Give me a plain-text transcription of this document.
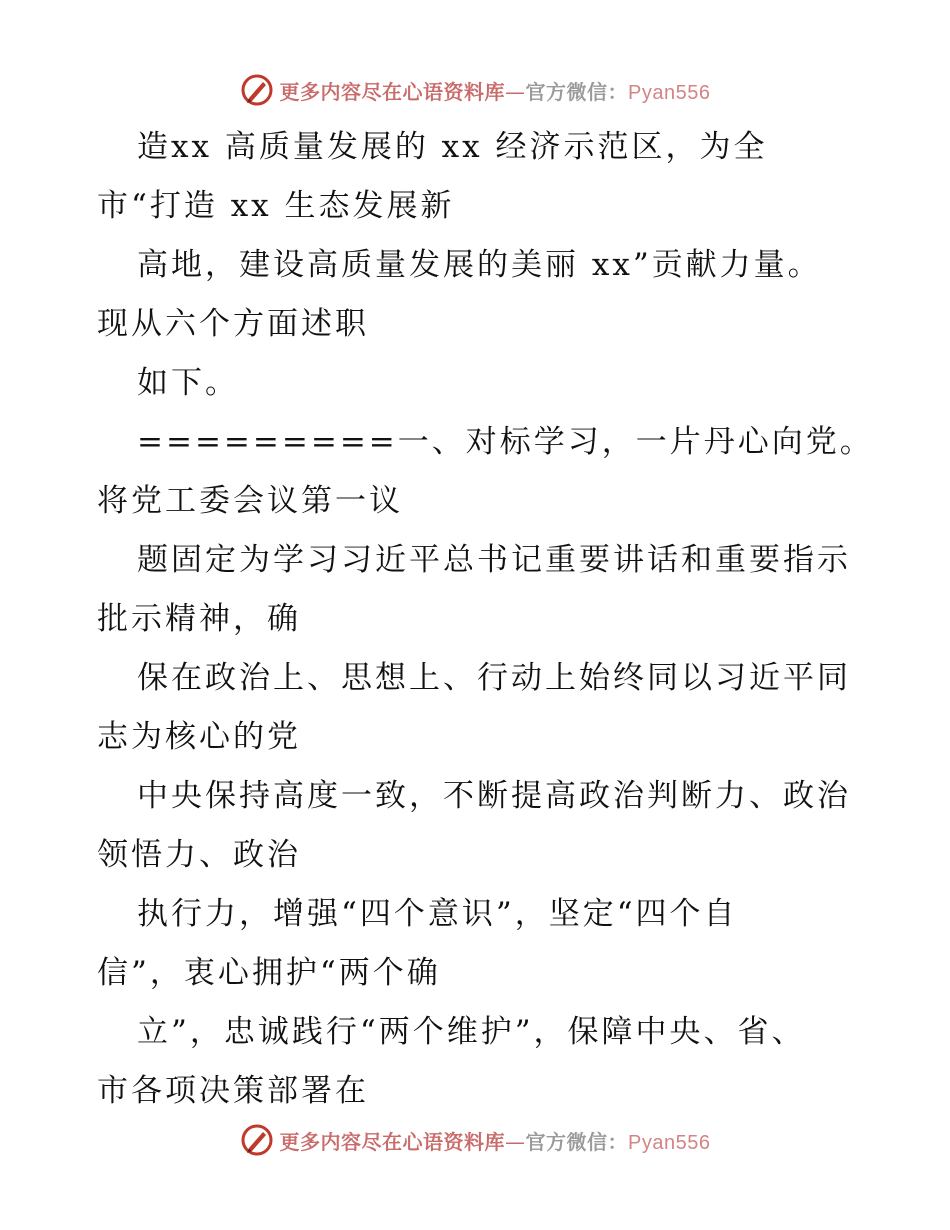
更多内容尽在心语资料库—官方微信：Pyan556
造xx 高质量发展的 xx 经济示范区，为全
市“打造 xx 生态发展新
高地，建设高质量发展的美丽 xx”贡献力量。
现从六个方面述职
如下。
=========一、对标学习，一片丹心向党。
将党工委会议第一议
题固定为学习习近平总书记重要讲话和重要指示
批示精神，确
保在政治上、思想上、行动上始终同以习近平同
志为核心的党
中央保持高度一致，不断提高政治判断力、政治
领悟力、政治
执行力，增强“四个意识”，坚定“四个自
信”，衷心拥护“两个确
立”，忠诚践行“两个维护”，保障中央、省、
市各项决策部署在
更多内容尽在心语资料库—官方微信：Pyan556
